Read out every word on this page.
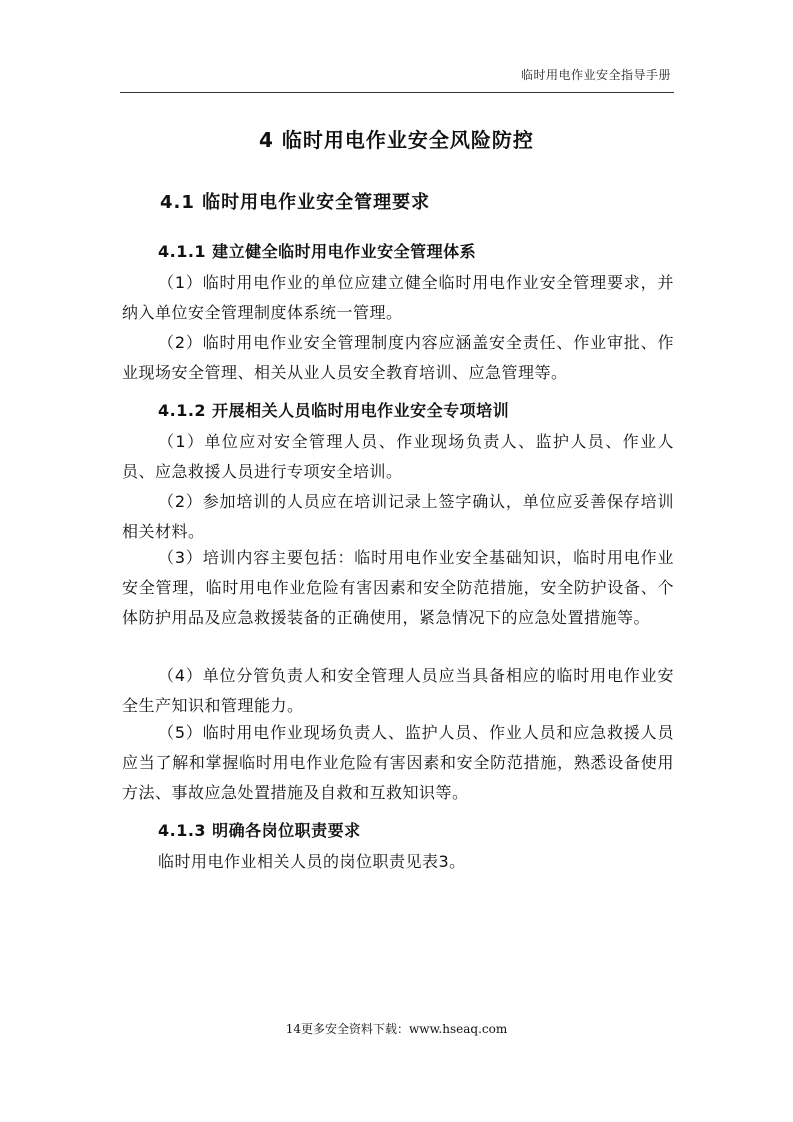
临时用电作业安全指导手册
4 临时用电作业安全风险防控
4.1 临时用电作业安全管理要求
4.1.1 建立健全临时用电作业安全管理体系
（1）临时用电作业的单位应建立健全临时用电作业安全管理要求，并纳入单位安全管理制度体系统一管理。
（2）临时用电作业安全管理制度内容应涵盖安全责任、作业审批、作业现场安全管理、相关从业人员安全教育培训、应急管理等。
4.1.2 开展相关人员临时用电作业安全专项培训
（1）单位应对安全管理人员、作业现场负责人、监护人员、作业人员、应急救援人员进行专项安全培训。
（2）参加培训的人员应在培训记录上签字确认，单位应妥善保存培训相关材料。
（3）培训内容主要包括：临时用电作业安全基础知识，临时用电作业安全管理，临时用电作业危险有害因素和安全防范措施，安全防护设备、个体防护用品及应急救援装备的正确使用，紧急情况下的应急处置措施等。
（4）单位分管负责人和安全管理人员应当具备相应的临时用电作业安全生产知识和管理能力。
（5）临时用电作业现场负责人、监护人员、作业人员和应急救援人员应当了解和掌握临时用电作业危险有害因素和安全防范措施，熟悉设备使用方法、事故应急处置措施及自救和互救知识等。
4.1.3 明确各岗位职责要求
临时用电作业相关人员的岗位职责见表3。
14更多安全资料下载：www.hseaq.com
